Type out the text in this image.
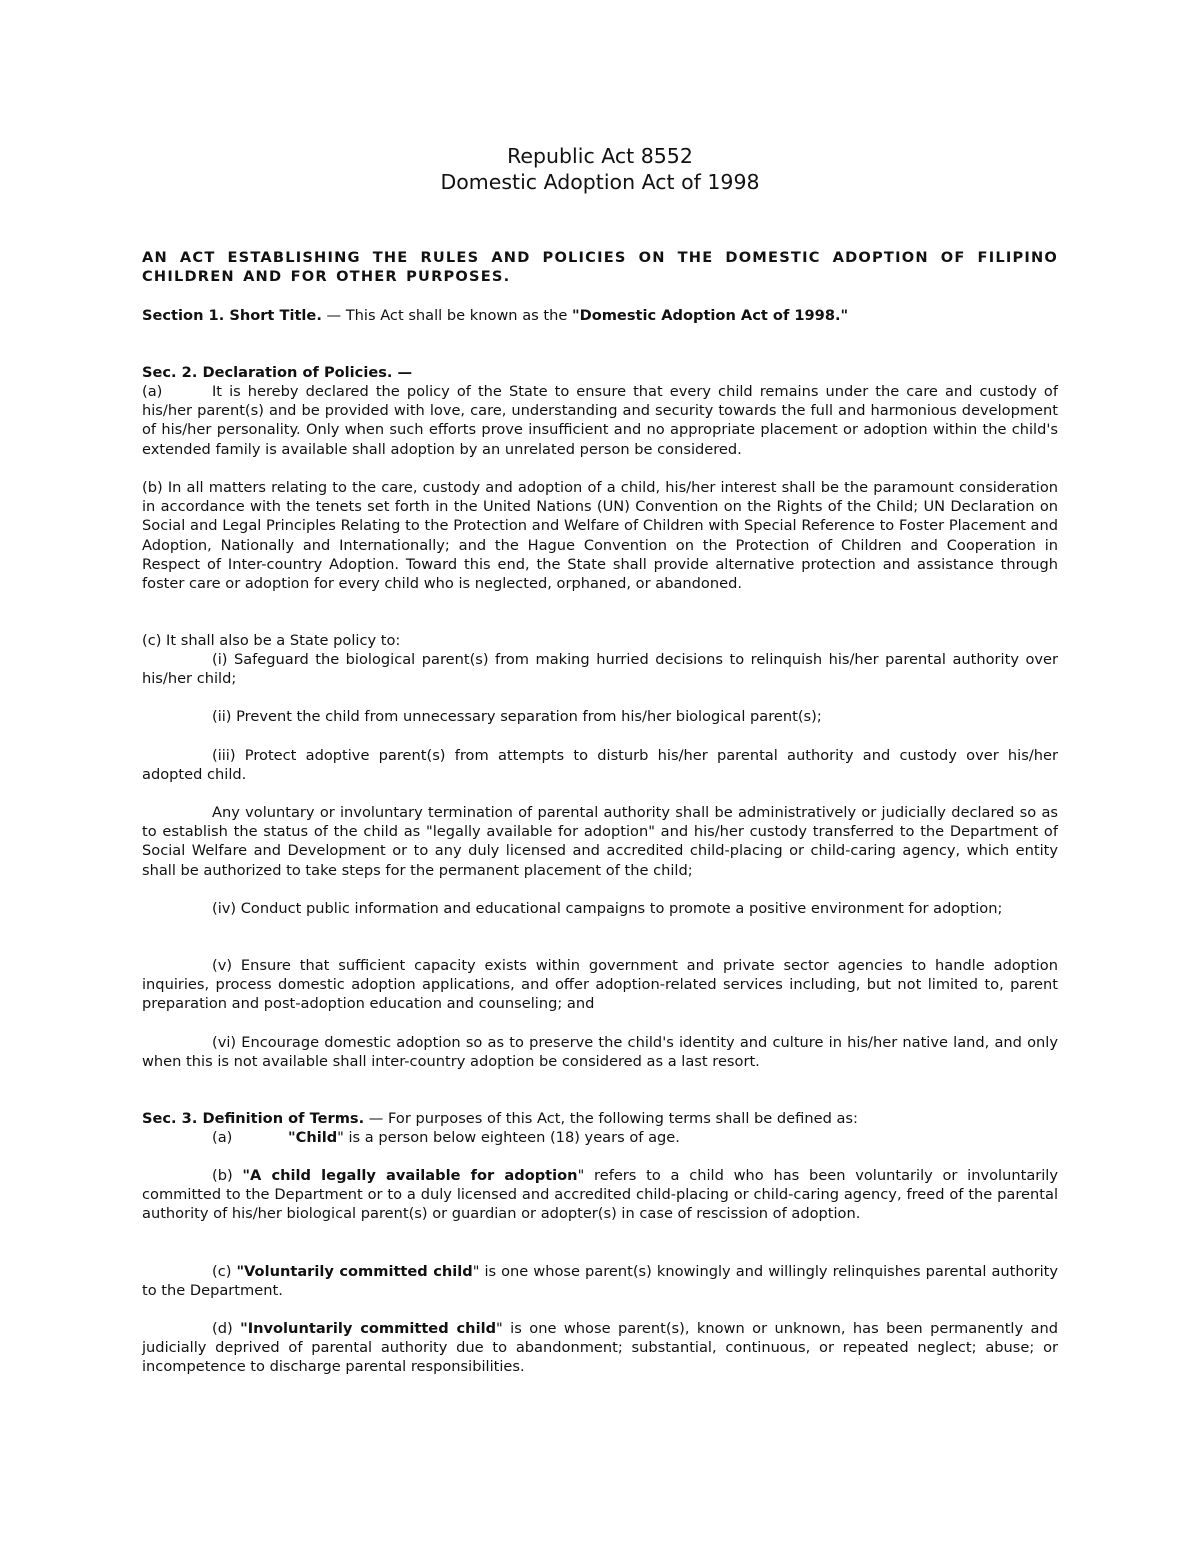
Republic Act 8552
Domestic Adoption Act of 1998

AN ACT ESTABLISHING THE RULES AND POLICIES ON THE DOMESTIC ADOPTION OF FILIPINO CHILDREN AND FOR OTHER PURPOSES.

Section 1. Short Title. — This Act shall be known as the "Domestic Adoption Act of 1998."

Sec. 2. Declaration of Policies. —

(a)	It is hereby declared the policy of the State to ensure that every child remains under the care and custody of his/her parent(s) and be provided with love, care, understanding and security towards the full and harmonious development of his/her personality. Only when such efforts prove insufficient and no appropriate placement or adoption within the child's extended family is available shall adoption by an unrelated person be considered.

(b) In all matters relating to the care, custody and adoption of a child, his/her interest shall be the paramount consideration in accordance with the tenets set forth in the United Nations (UN) Convention on the Rights of the Child; UN Declaration on Social and Legal Principles Relating to the Protection and Welfare of Children with Special Reference to Foster Placement and Adoption, Nationally and Internationally; and the Hague Convention on the Protection of Children and Cooperation in Respect of Inter-country Adoption. Toward this end, the State shall provide alternative protection and assistance through foster care or adoption for every child who is neglected, orphaned, or abandoned.

(c) It shall also be a State policy to:

(i) Safeguard the biological parent(s) from making hurried decisions to relinquish his/her parental authority over his/her child;

(ii) Prevent the child from unnecessary separation from his/her biological parent(s);

(iii) Protect adoptive parent(s) from attempts to disturb his/her parental authority and custody over his/her adopted child.

Any voluntary or involuntary termination of parental authority shall be administratively or judicially declared so as to establish the status of the child as "legally available for adoption" and his/her custody transferred to the Department of Social Welfare and Development or to any duly licensed and accredited child-placing or child-caring agency, which entity shall be authorized to take steps for the permanent placement of the child;

(iv) Conduct public information and educational campaigns to promote a positive environment for adoption;

(v) Ensure that sufficient capacity exists within government and private sector agencies to handle adoption inquiries, process domestic adoption applications, and offer adoption-related services including, but not limited to, parent preparation and post-adoption education and counseling; and

(vi) Encourage domestic adoption so as to preserve the child's identity and culture in his/her native land, and only when this is not available shall inter-country adoption be considered as a last resort.

Sec. 3. Definition of Terms. — For purposes of this Act, the following terms shall be defined as:

(a)	"Child" is a person below eighteen (18) years of age.

(b) "A child legally available for adoption" refers to a child who has been voluntarily or involuntarily committed to the Department or to a duly licensed and accredited child-placing or child-caring agency, freed of the parental authority of his/her biological parent(s) or guardian or adopter(s) in case of rescission of adoption.

(c) "Voluntarily committed child" is one whose parent(s) knowingly and willingly relinquishes parental authority to the Department.

(d) "Involuntarily committed child" is one whose parent(s), known or unknown, has been permanently and judicially deprived of parental authority due to abandonment; substantial, continuous, or repeated neglect; abuse; or incompetence to discharge parental responsibilities.
